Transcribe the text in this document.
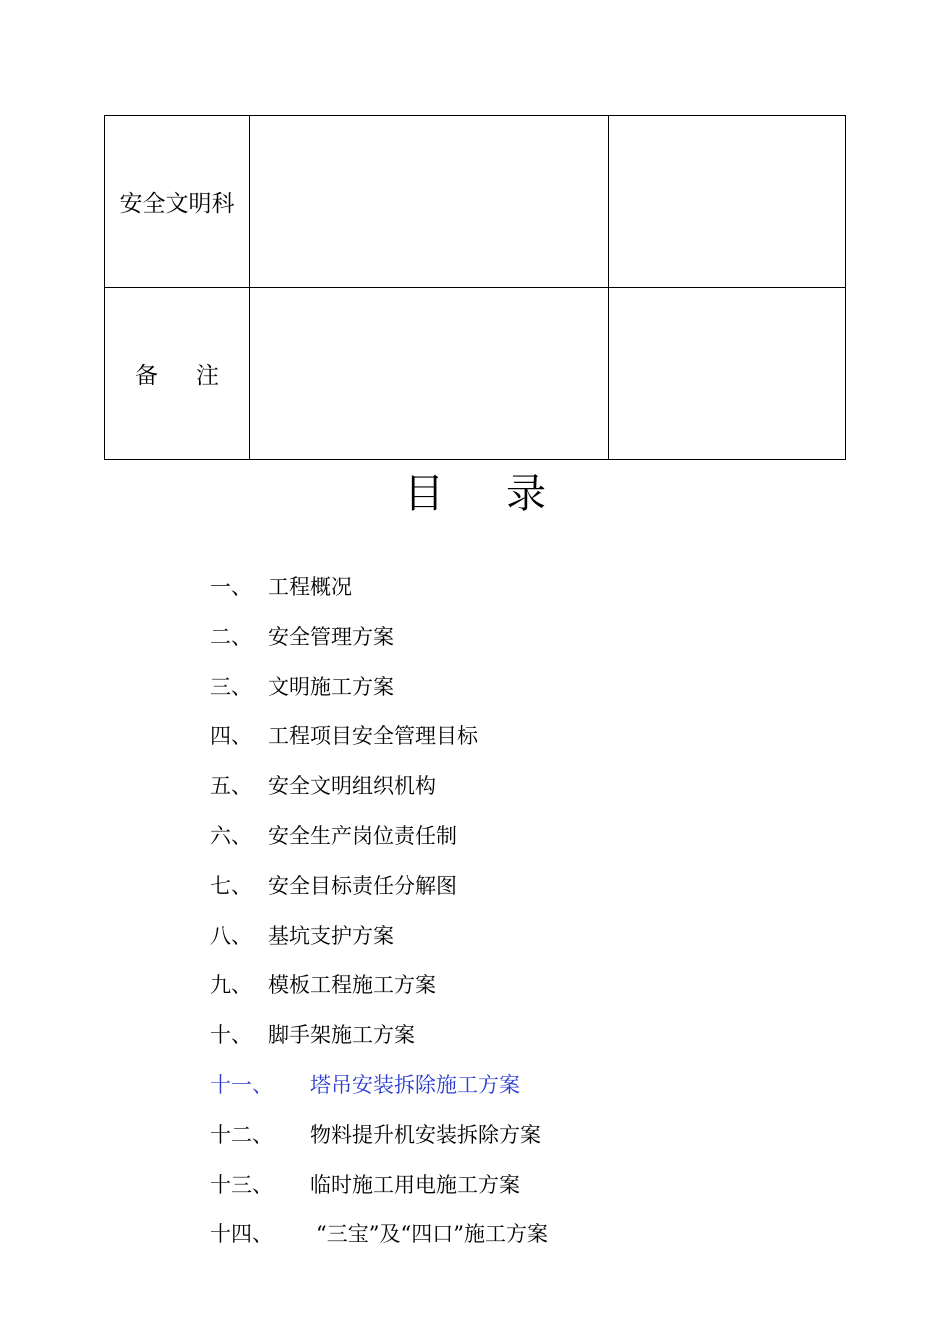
安全文明科		
备 注		
目 录
一、 工程概况
二、 安全管理方案
三、 文明施工方案
四、 工程项目安全管理目标
五、 安全文明组织机构
六、 安全生产岗位责任制
七、 安全目标责任分解图
八、 基坑支护方案
九、 模板工程施工方案
十、 脚手架施工方案
十一、 塔吊安装拆除施工方案
十二、 物料提升机安装拆除方案
十三、 临时施工用电施工方案
十四、 “三宝”及“四口”施工方案
